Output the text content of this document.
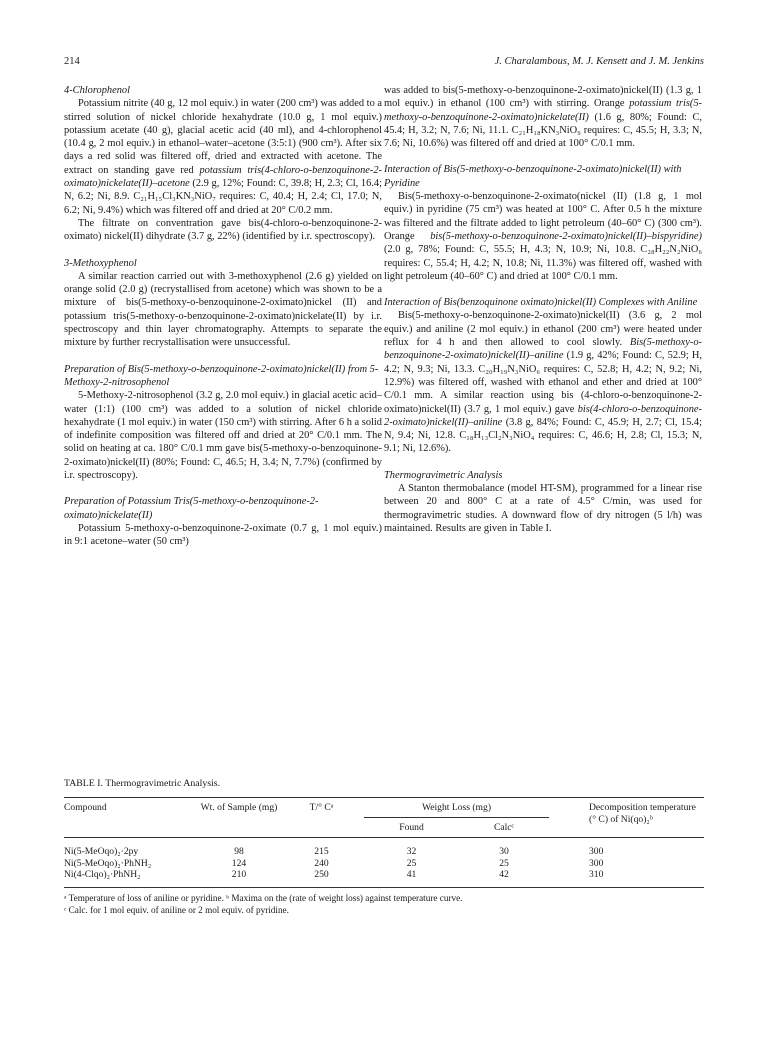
214	J. Charalambous, M. J. Kensett and J. M. Jenkins
4-Chlorophenol

Potassium nitrite (40 g, 12 mol equiv.) in water (200 cm³) was added to a stirred solution of nickel chloride hexahydrate (10.0 g, 1 mol equiv.) potassium acetate (40 g), glacial acetic acid (40 ml), and 4-chlorophenol (10.4 g, 2 mol equiv.) in ethanol–water–acetone (3:5:1) (900 cm³). After six days a red solid was filtered off, dried and extracted with acetone. The extract on standing gave red potassium tris(4-chloro-o-benzoquinone-2-oximato)nickelate(II)–acetone (2.9 g, 12%; Found: C, 39.8; H, 2.3; Cl, 16.4; N, 6.2; Ni, 8.9. C₂₁H₁₅Cl₃KN₃NiO₇ requires: C, 40.4; H, 2.4; Cl, 17.0; N, 6.2; Ni, 9.4%) which was filtered off and dried at 20° C/0.2 mm.

The filtrate on conventration gave bis(4-chloro-o-benzoquinone-2-oximato) nickel(II) dihydrate (3.7 g, 22%) (identified by i.r. spectroscopy).

3-Methoxyphenol

A similar reaction carried out with 3-methoxyphenol (2.6 g) yielded on orange solid (2.0 g) (recrystallised from acetone) which was shown to be a mixture of bis(5-methoxy-o-benzoquinone-2-oximato)nickel (II) and potassium tris(5-methoxy-o-benzoquinone-2-oximato)nickelate(II) by i.r. spectroscopy and thin layer chromatography. Attempts to separate the mixture by further recrystallisation were unsuccessful.

Preparation of Bis(5-methoxy-o-benzoquinone-2-oximato)nickel(II) from 5-Methoxy-2-nitrosophenol

5-Methoxy-2-nitrosophenol (3.2 g, 2.0 mol equiv.) in glacial acetic acid–water (1:1) (100 cm³) was added to a solution of nickel chloride hexahydrate (1 mol equiv.) in water (150 cm³) with stirring. After 6 h a solid of indefinite composition was filtered off and dried at 20° C/0.1 mm. The solid on heating at ca. 180° C/0.1 mm gave bis(5-methoxy-o-benzoquinone-2-oximato)nickel(II) (80%; Found: C, 46.5; H, 3.4; N, 7.7%) (confirmed by i.r. spectroscopy).

Preparation of Potassium Tris(5-methoxy-o-benzoquinone-2-oximato)nickelate(II)

Potassium 5-methoxy-o-benzoquinone-2-oximate (0.7 g, 1 mol equiv.) in 9:1 acetone–water (50 cm³)

was added to bis(5-methoxy-o-benzoquinone-2-oximato)nickel(II) (1.3 g, 1 mol equiv.) in ethanol (100 cm³) with stirring. Orange potassium tris(5-methoxy-o-benzoquinone-2-oximato)nickelate(II) (1.6 g, 80%; Found: C, 45.4; H, 3.2; N, 7.6; Ni, 11.1. C₂₁H₁₈KN₃NiO₉ requires: C, 45.5; H, 3.3; N, 7.6; Ni, 10.6%) was filtered off and dried at 100° C/0.1 mm.

Interaction of Bis(5-methoxy-o-benzoquinone-2-oximato)nickel(II) with Pyridine

Bis(5-methoxy-o-benzoquinone-2-oximato(nickel (II) (1.8 g, 1 mol equiv.) in pyridine (75 cm³) was heated at 100° C. After 0.5 h the mixture was filtered and the filtrate added to light petroleum (40–60° C) (300 cm³). Orange bis(5-methoxy-o-benzoquinone-2-oximato)nickel(II)–bispyridine) (2.0 g, 78%; Found: C, 55.5; H, 4.3; N, 10.9; Ni, 10.8. C₂₈H₂₂N₂NiO₆ requires: C, 55.4; H, 4.2; N, 10.8; Ni, 11.3%) was filtered off, washed with light petroleum (40–60° C) and dried at 100° C/0.1 mm.

Interaction of Bis(benzoquinone oximato)nickel(II) Complexes with Aniline

Bis(5-methoxy-o-benzoquinone-2-oximato)nickel(II) (3.6 g, 2 mol equiv.) and aniline (2 mol equiv.) in ethanol (200 cm³) were heated under reflux for 4 h and then allowed to cool slowly. Bis(5-methoxy-o-benzoquinone-2-oximato)nickel(II)–aniline (1.9 g, 42%; Found: C, 52.9; H, 4.2; N, 9.3; Ni, 13.3. C₂₀H₁₉N₃NiO₆ requires: C, 52.8; H, 4.2; N, 9.2; Ni, 12.9%) was filtered off, washed with ethanol and ether and dried at 100° C/0.1 mm. A similar reaction using bis (4-chloro-o-benzoquinone-2-oximato)nickel(II) (3.7 g, 1 mol equiv.) gave bis(4-chloro-o-benzoquinone-2-oximato)nickel(II)–aniline (3.8 g, 84%; Found: C, 45.9; H, 2.7; Cl, 15.4; N, 9.4; Ni, 12.8. C₁₈H₁₃Cl₂N₃NiO₄ requires: C, 46.6; H, 2.8; Cl, 15.3; N, 9.1; Ni, 12.6%).

Thermogravimetric Analysis

A Stanton thermobalance (model HT-SM), programmed for a linear rise between 20 and 800° C at a rate of 4.5° C/min, was used for thermogravimetric studies. A downward flow of dry nitrogen (5 l/h) was maintained. Results are given in Table I.

TABLE I. Thermogravimetric Analysis.

Compound	Wt. of Sample (mg)	T/° Cᵃ	Weight Loss (mg)		Decomposition temperature (° C) of Ni(qo)₂ᵇ
			Found	Calcᶜ	
Ni(5-MeOqo)₂·2py	98	215	32	30	300
Ni(5-MeOqo)₂·PhNH₂	124	240	25	25	300
Ni(4-Clqo)₂·PhNH₂	210	250	41	42	310
ᵃ Temperature of loss of aniline or pyridine. ᵇ Maxima on the (rate of weight loss) against temperature curve.
ᶜ Calc. for 1 mol equiv. of aniline or 2 mol equiv. of pyridine.
